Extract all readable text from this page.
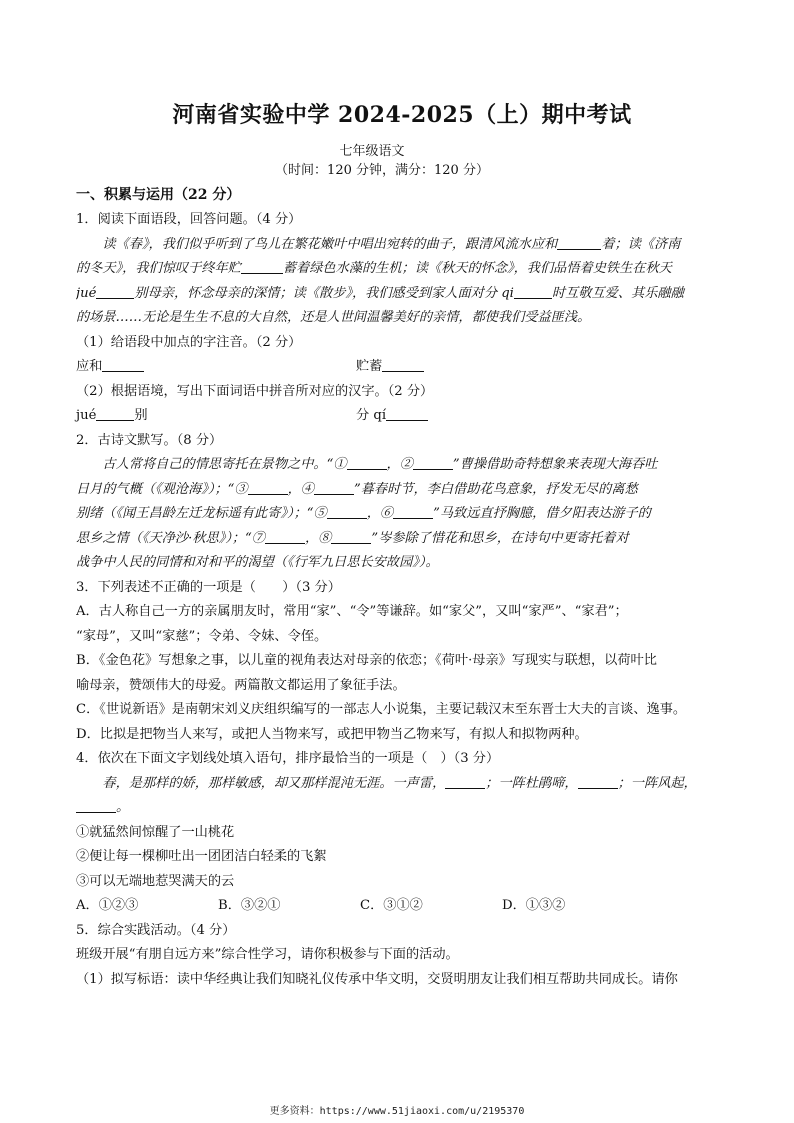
河南省实验中学 2024-2025（上）期中考试
七年级语文
（时间：120 分钟，满分：120 分）
一、积累与运用（22 分）
1．阅读下面语段，回答问题。（4 分）
读《春》，我们似乎听到了鸟儿在繁花嫩叶中唱出宛转的曲子，跟清风流水应和	着；读《济南
的冬天》，我们惊叹于终年贮	蓄着绿色水藻的生机；读《秋天的怀念》，我们品悟着史铁生在秋天
jué	别母亲，怀念母亲的深情；读《散步》，我们感受到家人面对分 qi	时互敬互爱、其乐融融
的场景……无论是生生不息的大自然，还是人世间温馨美好的亲情，都使我们受益匪浅。
（1）给语段中加点的字注音。（2 分）
应和	贮蓄
（2）根据语境，写出下面词语中拼音所对应的汉字。（2 分）
jué	别	分 qí
2．古诗文默写。（8 分）
古人常将自己的情思寄托在景物之中。“①	，②	”曹操借助奇特想象来表现大海吞吐
日月的气概（《观沧海》）；“③	，④	”暮春时节，李白借助花鸟意象，抒发无尽的离愁
别绪（《闻王昌龄左迁龙标遥有此寄》）；“⑤	，⑥	”马致远直抒胸臆，借夕阳表达游子的
思乡之情（《天净沙·秋思》）；“⑦	，⑧	”岑参除了惜花和思乡，在诗句中更寄托着对
战争中人民的同情和对和平的渴望（《行军九日思长安故园》）。
3．下列表述不正确的一项是（　　）（3 分）
A．古人称自己一方的亲属朋友时，常用“家”、“令”等谦辞。如“家父”，又叫“家严”、“家君”；
“家母”，又叫“家慈”；令弟、令妹、令侄。
B．《金色花》写想象之事，以儿童的视角表达对母亲的依恋；《荷叶·母亲》写现实与联想，以荷叶比
喻母亲，赞颂伟大的母爱。两篇散文都运用了象征手法。
C．《世说新语》是南朝宋刘义庆组织编写的一部志人小说集，主要记载汉末至东晋士大夫的言谈、逸事。
D．比拟是把物当人来写，或把人当物来写，或把甲物当乙物来写，有拟人和拟物两种。
4．依次在下面文字划线处填入语句，排序最恰当的一项是（　）（3 分）
春，是那样的娇，那样敏感，却又那样混沌无涯。一声雷，	；一阵杜鹃啼，	；一阵风起，
。
①就猛然间惊醒了一山桃花
②便让每一棵柳吐出一团团洁白轻柔的飞絮
③可以无端地惹哭满天的云
A．①②③	B．③②①	C．③①②	D．①③②
5．综合实践活动。（4 分）
班级开展“有朋自远方来”综合性学习，请你积极参与下面的活动。
（1）拟写标语：读中华经典让我们知晓礼仪传承中华文明，交贤明朋友让我们相互帮助共同成长。请你
更多资料：https://www.51jiaoxi.com/u/2195370
